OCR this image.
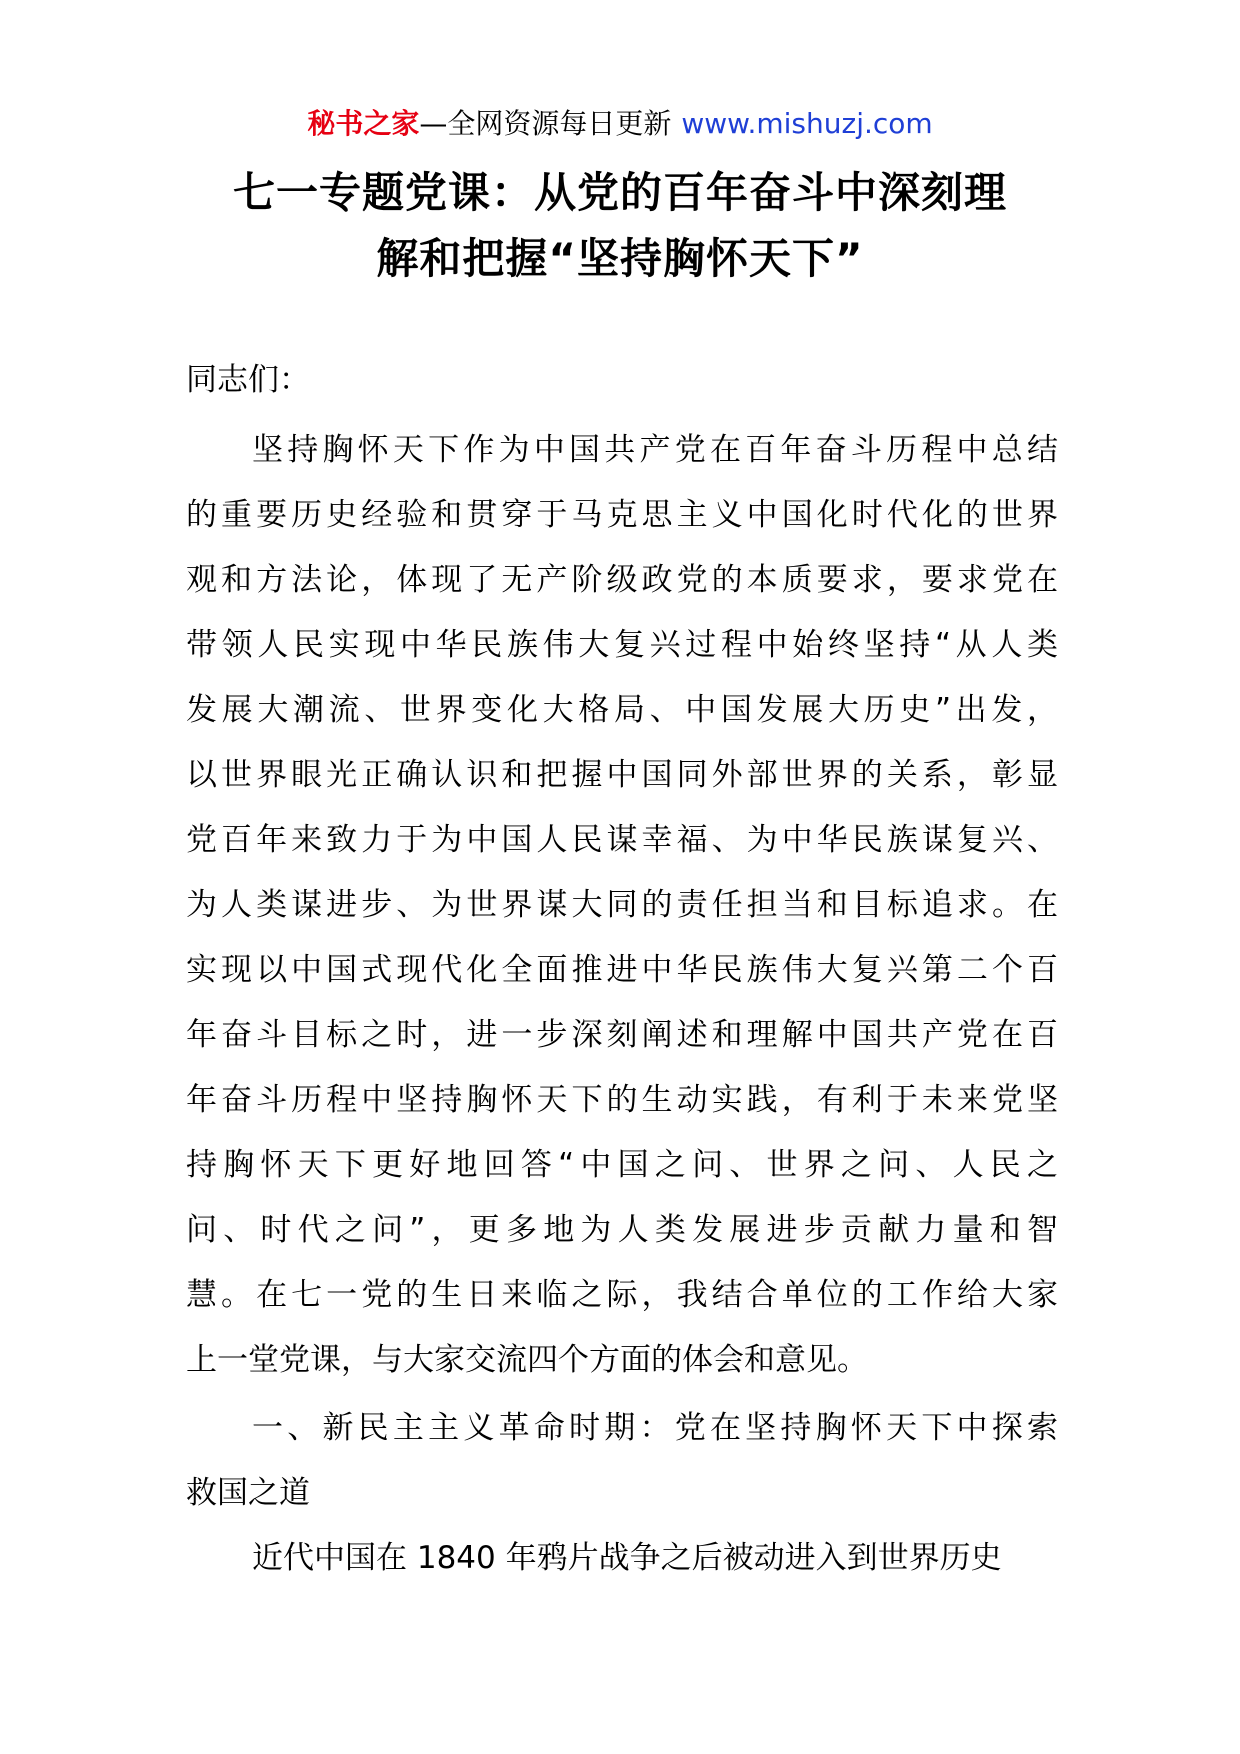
秘书之家—全网资源每日更新 www.mishuzj.com
七一专题党课：从党的百年奋斗中深刻理
解和把握“坚持胸怀天下”
同志们：
坚持胸怀天下作为中国共产党在百年奋斗历程中总结
的重要历史经验和贯穿于马克思主义中国化时代化的世界
观和方法论，体现了无产阶级政党的本质要求，要求党在
带领人民实现中华民族伟大复兴过程中始终坚持“从人类
发展大潮流、世界变化大格局、中国发展大历史”出发，
以世界眼光正确认识和把握中国同外部世界的关系，彰显
党百年来致力于为中国人民谋幸福、为中华民族谋复兴、
为人类谋进步、为世界谋大同的责任担当和目标追求。在
实现以中国式现代化全面推进中华民族伟大复兴第二个百
年奋斗目标之时，进一步深刻阐述和理解中国共产党在百
年奋斗历程中坚持胸怀天下的生动实践，有利于未来党坚
持胸怀天下更好地回答“中国之问、世界之问、人民之
问、时代之问”，更多地为人类发展进步贡献力量和智
慧。在七一党的生日来临之际，我结合单位的工作给大家
上一堂党课，与大家交流四个方面的体会和意见。
一、新民主主义革命时期：党在坚持胸怀天下中探索
救国之道
近代中国在 1840 年鸦片战争之后被动进入到世界历史
